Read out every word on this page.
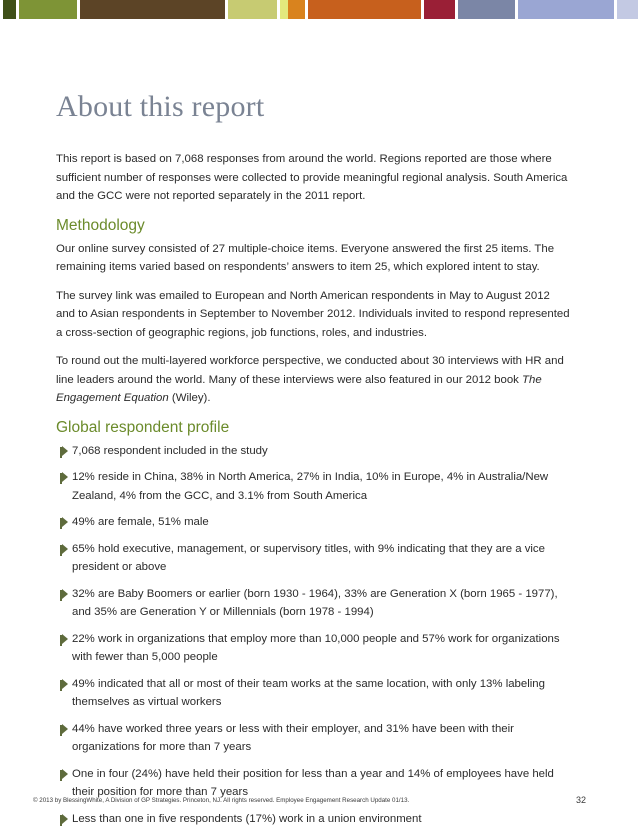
About this report

This report is based on 7,068 responses from around the world. Regions reported are those where sufficient number of responses were collected to provide meaningful regional analysis. South America and the GCC were not reported separately in the 2011 report.

Methodology

Our online survey consisted of 27 multiple-choice items. Everyone answered the first 25 items. The remaining items varied based on respondents’ answers to item 25, which explored intent to stay.

The survey link was emailed to European and North American respondents in May to August 2012 and to Asian respondents in September to November 2012. Individuals invited to respond represented a cross-section of geographic regions, job functions, roles, and industries.

To round out the multi-layered workforce perspective, we conducted about 30 interviews with HR and line leaders around the world. Many of these interviews were also featured in our 2012 book The Engagement Equation (Wiley).

Global respondent profile
7,068 respondent included in the study
12% reside in China, 38% in North America, 27% in India, 10% in Europe, 4% in Australia/New Zealand, 4% from the GCC, and 3.1% from South America
49% are female, 51% male
65% hold executive, management, or supervisory titles, with 9% indicating that they are a vice president or above
32% are Baby Boomers or earlier (born 1930 - 1964), 33% are Generation X (born 1965 - 1977), and 35% are Generation Y or Millennials (born 1978 - 1994)
22% work in organizations that employ more than 10,000 people and 57% work for organizations with fewer than 5,000 people
49% indicated that all or most of their team works at the same location, with only 13% labeling themselves as virtual workers
44% have worked three years or less with their employer, and 31% have been with their organizations for more than 7 years
One in four (24%) have held their position for less than a year and 14% of employees have held their position for more than 7 years
Less than one in five respondents (17%) work in a union environment
© 2013 by BlessingWhite, A Division of GP Strategies. Princeton, NJ. All rights reserved. Employee Engagement Research Update 01/13.	32
